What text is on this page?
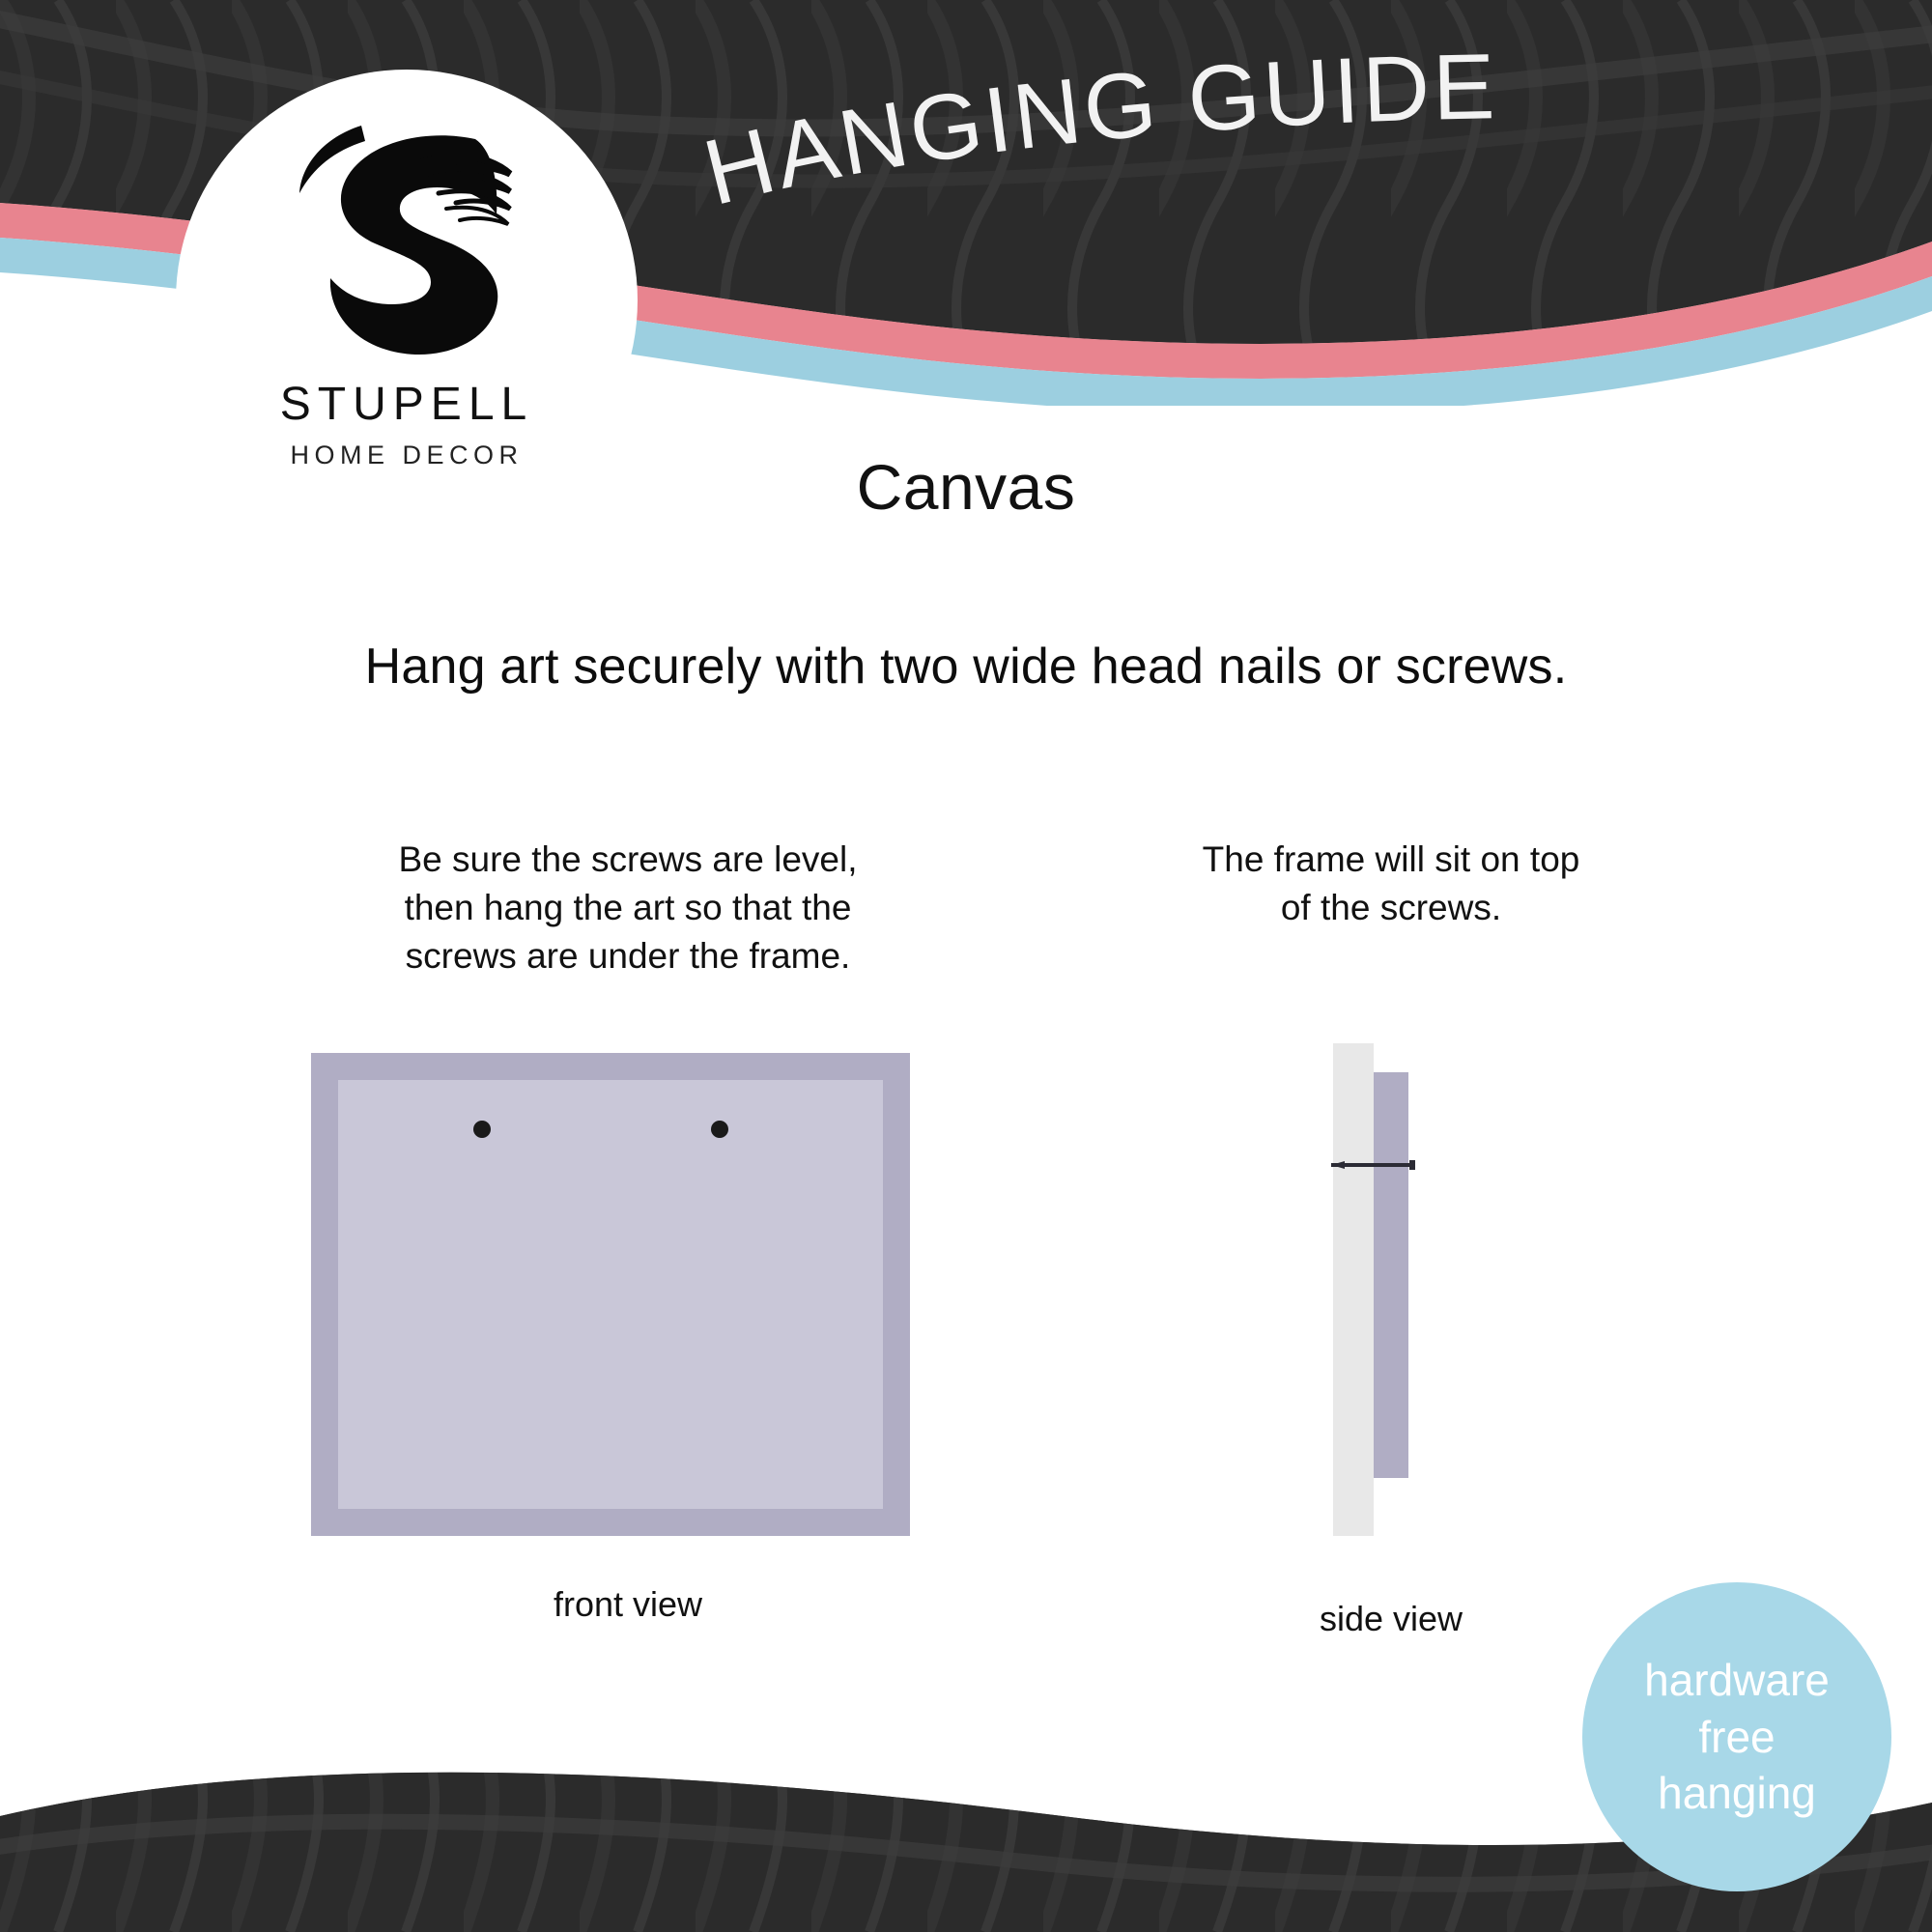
HANGING GUIDE
STUPELL
HOME DECOR	Canvas
Hang art securely with two wide head nails or screws.
Be sure the screws are level,
then hang the art so that the
screws are under the frame.
front view
The frame will sit on top
of the screws.
side view
hardware
free
hanging
